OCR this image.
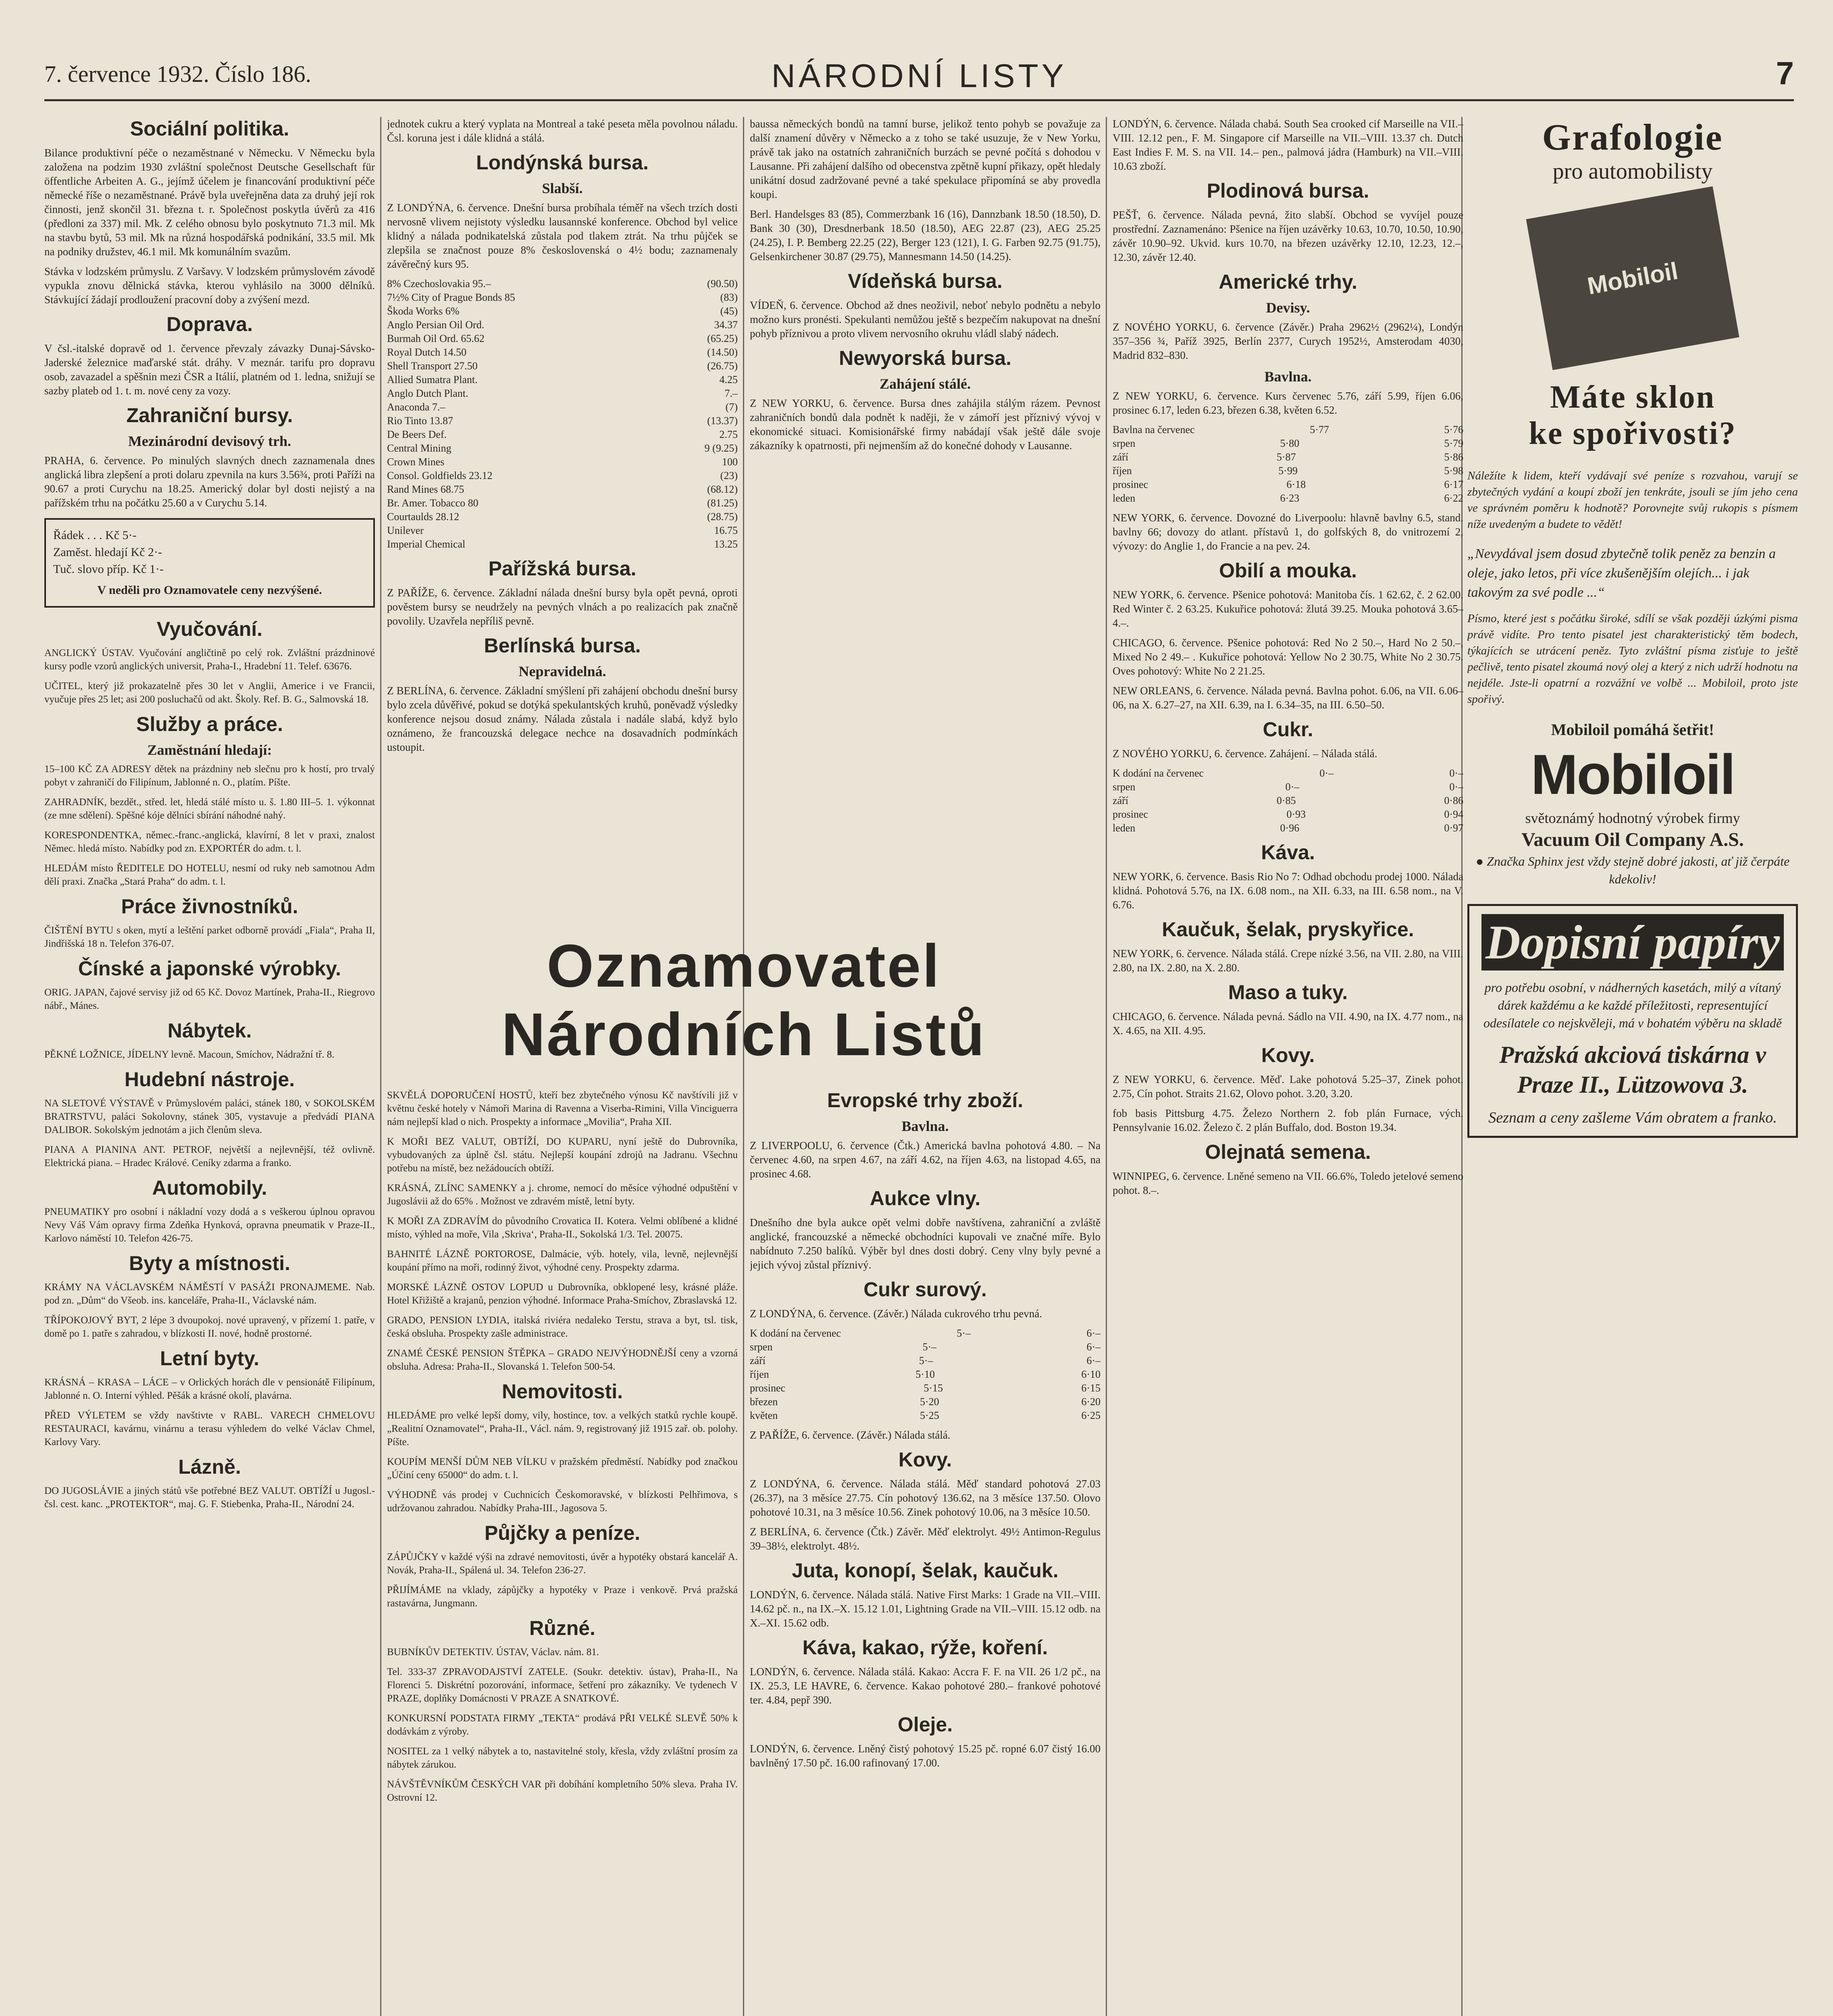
7. července 1932. Číslo 186.	NÁRODNÍ LISTY	7
Sociální politika.

Bilance produktivní péče o nezaměstnané v Německu. V Německu byla založena na podzim 1930 zvláštní společnost Deutsche Gesellschaft für öffentliche Arbeiten A. G., jejímž účelem je financování produktivní péče německé říše o nezaměstnané. Právě byla uveřejněna data za druhý její rok činnosti, jenž skončil 31. března t. r. Společnost poskytla úvěrů za 416 (předloni za 337) mil. Mk. Z celého obnosu bylo poskytnuto 71.3 mil. Mk na stavbu bytů, 53 mil. Mk na různá hospodářská podnikání, 33.5 mil. Mk na podniky družstev, 46.1 mil. Mk komunálním svazům.

Stávka v lodzském průmyslu. Z Varšavy. V lodzském průmyslovém závodě vypukla znovu dělnická stávka, kterou vyhlásilo na 3000 dělníků. Stávkující žádají prodloužení pracovní doby a zvýšení mezd.

Doprava.

V čsl.-italské dopravě od 1. července převzaly závazky Dunaj-Sávsko-Jaderské železnice maďarské stát. dráhy. V meznár. tarifu pro dopravu osob, zavazadel a spěšnin mezi ČSR a Itálií, platném od 1. ledna, snižují se sazby plateb od 1. t. m. nové ceny za vozy.

Zahraniční bursy.
Mezinárodní devisový trh.

PRAHA, 6. července. Po minulých slavných dnech zaznamenala dnes anglická libra zlepšení a proti dolaru zpevnila na kurs 3.56¾, proti Paříži na 90.67 a proti Curychu na 18.25. Americký dolar byl dosti nejistý a na pařížském trhu na počátku 25.60 a v Curychu 5.14.

Řádek . . . Kč 5·-
Zaměst. hledají Kč 2·-
Tuč. slovo příp. Kč 1·-
V neděli pro Oznamovatele ceny nezvýšené.
Vyučování.
ANGLICKÝ ÚSTAV. Vyučování angličtině po celý rok. Zvláštní prázdninové kursy podle vzorů anglických universit, Praha-I., Hradební 11. Telef. 63676.
UČITEL, který již prokazatelně přes 30 let v Anglii, Americe i ve Francii, vyučuje přes 25 let; asi 200 posluchačů od akt. Školy. Ref. B. G., Salmovská 18.
Služby a práce.
Zaměstnání hledají:
15–100 KČ ZA ADRESY dětek na prázdniny neb slečnu pro k hostí, pro trvalý pobyt v zahraničí do Filipínum, Jablonné n. O., platím. Píšte.
ZAHRADNÍK, bezdět., střed. let, hledá stálé místo u. š. 1.80 III–5. 1. výkonnat (ze mne sdělení). Spěšné kóje dělníci sbírání náhodné nahý.
KORESPONDENTKA, němec.-franc.-anglická, klavírní, 8 let v praxi, znalost Němec. hledá místo. Nabídky pod zn. EXPORTÉR do adm. t. l.
HLEDÁM místo ŘEDITELE DO HOTELU, nesmí od ruky neb samotnou Adm dělí praxi. Značka „Stará Praha“ do adm. t. l.
Práce živnostníků.
ČIŠTĚNÍ BYTU s oken, mytí a leštění parket odborně provádí „Fiala“, Praha II, Jindřišská 18 n. Telefon 376-07.
Čínské a japonské výrobky.
ORIG. JAPAN, čajové servisy již od 65 Kč. Dovoz Martínek, Praha-II., Riegrovo nábř., Mánes.
Nábytek.
PĚKNÉ LOŽNICE, JÍDELNY levně. Macoun, Smíchov, Nádražní tř. 8.
Hudební nástroje.
NA SLETOVÉ VÝSTAVĚ v Průmyslovém paláci, stánek 180, v SOKOLSKÉM BRATRSTVU, paláci Sokolovny, stánek 305, vystavuje a předvádí PIANA DALIBOR. Sokolským jednotám a jich členům sleva.
PIANA A PIANINA ANT. PETROF, největší a nejlevnější, též ovlivně. Elektrická piana. – Hradec Králové. Ceníky zdarma a franko.
Automobily.
PNEUMATIKY pro osobní i nákladní vozy dodá a s veškerou úplnou opravou Nevy Váš Vám opravy firma Zdeňka Hynková, opravna pneumatik v Praze-II., Karlovo náměstí 10. Telefon 426-75.
Byty a místnosti.
KRÁMY NA VÁCLAVSKÉM NÁMĚSTÍ V PASÁŽI PRONAJMEME. Nab. pod zn. „Dům“ do Všeob. ins. kanceláře, Praha-II., Václavské nám.
TŘÍPOKOJOVÝ BYT, 2 lépe 3 dvoupokoj. nové upravený, v přízemí 1. patře, v domě po 1. patře s zahradou, v blízkosti II. nové, hodně prostorné.
Letní byty.
KRÁSNÁ – KRASA – LÁCE – v Orlických horách dle v pensionátě Filipínum, Jablonné n. O. Interní výhled. Pěšák a krásné okolí, plavárna.
PŘED VÝLETEM se vždy navštivte v RABL. VARECH CHMELOVU RESTAURACI, kavárnu, vinárnu a terasu výhledem do velké Václav Chmel, Karlovy Vary.
Lázně.
DO JUGOSLÁVIE a jiných států vše potřebné BEZ VALUT. OBTÍŽÍ u Jugosl.-čsl. cest. kanc. „PROTEKTOR“, maj. G. F. Stiebenka, Praha-II., Národní 24.

jednotek cukru a který vyplata na Montreal a také peseta měla povolnou náladu. Čsl. koruna jest i dále klidná a stálá.

Londýnská bursa.
Slabší.

Z LONDÝNA, 6. července. Dnešní bursa probíhala téměř na všech trzích dosti nervosně vlivem nejistoty výsledku lausannské konference. Obchod byl velice klidný a nálada podnikatelská zůstala pod tlakem ztrát. Na trhu půjček se zlepšila se značnost pouze 8% československá o 4½ bodu; zaznamenaly závěrečný kurs 95.

8% Czechoslovakia 95.–	(90.50)
7½% City of Prague Bonds 85	(83)
Škoda Works 6%	(45)
Anglo Persian Oil Ord.	34.37
Burmah Oil Ord. 65.62	(65.25)
Royal Dutch 14.50	(14.50)
Shell Transport 27.50	(26.75)
Allied Sumatra Plant.	4.25
Anglo Dutch Plant.	7.–
Anaconda 7.–	(7)
Rio Tinto 13.87	(13.37)
De Beers Def.	2.75
Central Mining	9 (9.25)
Crown Mines	100
Consol. Goldfields 23.12	(23)
Rand Mines 68.75	(68.12)
Br. Amer. Tobacco 80	(81.25)
Courtaulds 28.12	(28.75)
Unilever	16.75
Imperial Chemical	13.25
Pařížská bursa.

Z PAŘÍŽE, 6. července. Základní nálada dnešní bursy byla opět pevná, oproti pověstem bursy se neudržely na pevných vlnách a po realizacích pak značně povolily. Uzavřela nepříliš pevně.

Berlínská bursa.
Nepravidelná.

Z BERLÍNA, 6. července. Základní smýšlení při zahájení obchodu dnešní bursy bylo zcela důvěřivé, pokud se dotýká spekulantských kruhů, poněvadž výsledky konference nejsou dosud známy. Nálada zůstala i nadále slabá, když bylo oznámeno, že francouzská delegace nechce na dosavadních podmínkách ustoupit.

baussa německých bondů na tamní burse, jelikož tento pohyb se považuje za další znamení důvěry v Německo a z toho se také usuzuje, že v New Yorku, právě tak jako na ostatních zahraničních burzách se pevné počítá s dohodou v Lausanne. Při zahájení dalšího od obecenstva zpětně kupní přikazy, opět hledaly unikátní dosud zadržované pevné a také spekulace připomíná se aby provedla koupi.

Berl. Handelsges 83 (85), Commerzbank 16 (16), Dannzbank 18.50 (18.50), D. Bank 30 (30), Dresdnerbank 18.50 (18.50), AEG 22.87 (23), AEG 25.25 (24.25), I. P. Bemberg 22.25 (22), Berger 123 (121), I. G. Farben 92.75 (91.75), Gelsenkirchener 30.87 (29.75), Mannesmann 14.50 (14.25).

Vídeňská bursa.

VÍDEŇ, 6. července. Obchod až dnes neoživil, neboť nebylo podnětu a nebylo možno kurs pronésti. Spekulanti nemůžou ještě s bezpečím nakupovat na dnešní pohyb příznivou a proto vlivem nervosního okruhu vládl slabý nádech.

Newyorská bursa.
Zahájení stálé.

Z NEW YORKU, 6. července. Bursa dnes zahájila stálým rázem. Pevnost zahraničních bondů dala podnět k naději, že v zámoří jest příznivý vývoj v ekonomické situaci. Komisionářské firmy nabádají však ještě dále svoje zákazníky k opatrnosti, při nejmenším až do konečné dohody v Lausanne.

Oznamovatel
Národních Listů
SKVĚLÁ DOPORUČENÍ HOSTŮ, kteří bez zbytečného výnosu Kč navštívili již v květnu české hotely v Námoři Marina di Ravenna a Viserba-Rimini, Villa Vinciguerra nám nejlepší klad o nich. Prospekty a informace „Movilia“, Praha XII.
K MOŘI BEZ VALUT, OBTÍŽÍ, DO KUPARU, nyní ještě do Dubrovníka, vybudovaných za úplně čsl. státu. Nejlepší koupání zdrojů na Jadranu. Všechnu potřebu na místě, bez nežádoucích obtíží.
KRÁSNÁ, ZLÍNC SAMENKY a j. chrome, nemocí do měsíce výhodné odpuštění v Jugoslávii až do 65% . Možnost ve zdravém místě, letní byty.
K MOŘI ZA ZDRAVÍM do původního Crovatica II. Kotera. Velmi oblíbené a klidné místo, výhled na moře, Vila ‚Skriva‘, Praha-II., Sokolská 1/3. Tel. 20075.
BAHNITÉ LÁZNĚ PORTOROSE, Dalmácie, výb. hotely, vila, levně, nejlevnější koupání přímo na moři, rodinný život, výhodné ceny. Prospekty zdarma.
MORSKÉ LÁZNĚ OSTOV LOPUD u Dubrovníka, obklopené lesy, krásné pláže. Hotel Křižiště a krajanů, penzion výhodné. Informace Praha-Smíchov, Zbraslavská 12.
GRADO, PENSION LYDIA, italská riviéra nedaleko Terstu, strava a byt, tsl. tisk, česká obsluha. Prospekty zašle administrace.
ZNAMÉ ČESKÉ PENSION ŠTĚPKA – GRADO NEJVÝHODNĚJŠÍ ceny a vzorná obsluha. Adresa: Praha-II., Slovanská 1. Telefon 500-54.
Nemovitosti.
HLEDÁME pro velké lepší domy, vily, hostince, tov. a velkých statků rychle koupě. „Realitní Oznamovatel“, Praha-II., Václ. nám. 9, registrovaný již 1915 zař. ob. polohy. Píšte.
KOUPÍM MENŠÍ DŮM NEB VÍLKU v pražském předměstí. Nabídky pod značkou „Účiní ceny 65000“ do adm. t. l.
VÝHODNĚ vás prodej v Cuchnicích Českomoravské, v blízkosti Pelhřimova, s udržovanou zahradou. Nabídky Praha-III., Jagosova 5.
Půjčky a peníze.
ZÁPŮJČKY v každé výši na zdravé nemovitosti, úvěr a hypotéky obstará kancelář A. Novák, Praha-II., Spálená ul. 34. Telefon 236-27.
PŘIJÍMÁME na vklady, zápůjčky a hypotéky v Praze i venkově. Prvá pražská rastavárna, Jungmann.
Různé.
BUBNÍKŮV DETEKTIV. ÚSTAV, Václav. nám. 81.
Tel. 333-37 ZPRAVODAJSTVÍ ZATELE. (Soukr. detektiv. ústav), Praha-II., Na Florenci 5. Diskrétní pozorování, informace, šetření pro zákazníky. Ve tydenech V PRAZE, doplňky Domácnosti V PRAZE A SNATKOVÉ.
KONKURSNÍ PODSTATA FIRMY „TEKTA“ prodává PŘI VELKÉ SLEVĚ 50% k dodávkám z výroby.
NOSITEL za 1 velký nábytek a to, nastavitelné stoly, křesla, vždy zvláštní prosím za nábytek zárukou.
NÁVŠTĚVNÍKŮM ČESKÝCH VAR při dobíhání kompletního 50% sleva. Praha IV. Ostrovní 12.
Evropské trhy zboží.
Bavlna.

Z LIVERPOOLU, 6. července (Čtk.) Americká bavlna pohotová 4.80. – Na červenec 4.60, na srpen 4.67, na září 4.62, na říjen 4.63, na listopad 4.65, na prosinec 4.68.

Aukce vlny.

Dnešního dne byla aukce opět velmi dobře navštívena, zahraniční a zvláště anglické, francouzské a německé obchodníci kupovali ve značné míře. Bylo nabídnuto 7.250 balíků. Výběr byl dnes dosti dobrý. Ceny vlny byly pevné a jejich vývoj zůstal příznivý.

Cukr surový.

Z LONDÝNA, 6. července. (Závěr.) Nálada cukrového trhu pevná.

K dodání na červenec	5·–	6·–
srpen	5·–	6·–
září	5·–	6·–
říjen	5·10	6·10
prosinec	5·15	6·15
březen	5·20	6·20
květen	5·25	6·25

Z PAŘÍŽE, 6. července. (Závěr.) Nálada stálá.

Kovy.

Z LONDÝNA, 6. července. Nálada stálá. Měď standard pohotová 27.03 (26.37), na 3 měsíce 27.75. Cín pohotový 136.62, na 3 měsíce 137.50. Olovo pohotové 10.31, na 3 měsíce 10.56. Zinek pohotový 10.06, na 3 měsíce 10.50.

Z BERLÍNA, 6. července (Čtk.) Závěr. Měď elektrolyt. 49½ Antimon-Regulus 39–38½, elektrolyt. 48½.

Juta, konopí, šelak, kaučuk.

LONDÝN, 6. července. Nálada stálá. Native First Marks: 1 Grade na VII.–VIII. 14.62 pč. n., na IX.–X. 15.12 1.01, Lightning Grade na VII.–VIII. 15.12 odb. na X.–XI. 15.62 odb.

Káva, kakao, rýže, koření.

LONDÝN, 6. července. Nálada stálá. Kakao: Accra F. F. na VII. 26 1/2 pč., na IX. 25.3, LE HAVRE, 6. července. Kakao pohotové 280.– frankové pohotové ter. 4.84, pepř 390.

Oleje.

LONDÝN, 6. července. Lněný čistý pohotový 15.25 pč. ropné 6.07 čistý 16.00 bavlněný 17.50 pč. 16.00 rafinovaný 17.00.

LONDÝN, 6. července. Nálada chabá. South Sea crooked cif Marseille na VII.–VIII. 12.12 pen., F. M. Singapore cif Marseille na VII.–VIII. 13.37 ch. Dutch East Indies F. M. S. na VII. 14.– pen., palmová jádra (Hamburk) na VII.–VIII. 10.63 zboží.

Plodinová bursa.

PEŠŤ, 6. července. Nálada pevná, žito slabší. Obchod se vyvíjel pouze prostřední. Zaznamenáno: Pšenice na říjen uzávěrky 10.63, 10.70, 10.50, 10.90, závěr 10.90–92. Ukvid. kurs 10.70, na březen uzávěrky 12.10, 12.23, 12.–, 12.30, závěr 12.40.

Americké trhy.
Devisy.

Z NOVÉHO YORKU, 6. července (Závěr.) Praha 2962½ (2962¼), Londýn 357–356 ¾, Paříž 3925, Berlín 2377, Curych 1952½, Amsterodam 4030, Madrid 832–830.

Bavlna.

Z NEW YORKU, 6. července. Kurs červenec 5.76, září 5.99, říjen 6.06, prosinec 6.17, leden 6.23, březen 6.38, květen 6.52.

Bavlna na červenec	5·77	5·76
srpen	5·80	5·79
září	5·87	5·86
říjen	5·99	5·98
prosinec	6·18	6·17
leden	6·23	6·22

NEW YORK, 6. července. Dovozné do Liverpoolu: hlavně bavlny 6.5, stand. bavlny 66; dovozy do atlant. přístavů 1, do golfských 8, do vnitrozemí 2, vývozy: do Anglie 1, do Francie a na pev. 24.

Obilí a mouka.

NEW YORK, 6. července. Pšenice pohotová: Manitoba čís. 1 62.62, č. 2 62.00. Red Winter č. 2 63.25. Kukuřice pohotová: žlutá 39.25. Mouka pohotová 3.65–4.–.

CHICAGO, 6. července. Pšenice pohotová: Red No 2 50.–, Hard No 2 50.–, Mixed No 2 49.– . Kukuřice pohotová: Yellow No 2 30.75, White No 2 30.75. Oves pohotový: White No 2 21.25.

NEW ORLEANS, 6. července. Nálada pevná. Bavlna pohot. 6.06, na VII. 6.06–06, na X. 6.27–27, na XII. 6.39, na I. 6.34–35, na III. 6.50–50.

Cukr.

Z NOVÉHO YORKU, 6. července. Zahájení. – Nálada stálá.

K dodání na červenec	0·–	0·–
srpen	0·–	0·–
září	0·85	0·86
prosinec	0·93	0·94
leden	0·96	0·97
Káva.

NEW YORK, 6. července. Basis Rio No 7: Odhad obchodu prodej 1000. Nálada klidná. Pohotová 5.76, na IX. 6.08 nom., na XII. 6.33, na III. 6.58 nom., na V. 6.76.

Kaučuk, šelak, pryskyřice.

NEW YORK, 6. července. Nálada stálá. Crepe nízké 3.56, na VII. 2.80, na VIII. 2.80, na IX. 2.80, na X. 2.80.

Maso a tuky.

CHICAGO, 6. července. Nálada pevná. Sádlo na VII. 4.90, na IX. 4.77 nom., na X. 4.65, na XII. 4.95.

Kovy.

Z NEW YORKU, 6. července. Měď. Lake pohotová 5.25–37, Zinek pohot. 2.75, Cín pohot. Straits 21.62, Olovo pohot. 3.20, 3.20.

fob basis Pittsburg 4.75. Železo Northern 2. fob plán Furnace, vých. Pennsylvanie 16.02. Železo č. 2 plán Buffalo, dod. Boston 19.34.

Olejnatá semena.

WINNIPEG, 6. července. Lněné semeno na VII. 66.6%, Toledo jetelové semeno pohot. 8.–.

Grafologie
pro automobilisty
Mobiloil
Máte sklon
ke spořivosti?

Náležíte k lidem, kteří vydávají své peníze s rozvahou, varují se zbytečných vydání a koupí zboží jen tenkráte, jsouli se jím jeho cena ve správném poměru k hodnotě? Porovnejte svůj rukopis s písmem níže uvedeným a budete to vědět!

„Nevydával jsem dosud zbytečně tolik peněz za benzin a oleje, jako letos, při více zkušenějším olejích... i jak takovým za své podle ...“

Písmo, které jest s počátku široké, sdílí se však později úzkými pisma právě vidíte. Pro tento pisatel jest charakteristický těm bodech, týkajících se utrácení peněz. Tyto zvláštní písma zisťuje to ještě pečlivě, tento pisatel zkoumá nový olej a který z nich udrží hodnotu na nejdéle. Jste-li opatrní a rozvážní ve volbě ... Mobiloil, proto jste spořivý.

Mobiloil pomáhá šetřit!
Mobiloil
světoznámý hodnotný výrobek firmy
Vacuum Oil Company A.S.
● Značka Sphinx jest vždy stejně dobré jakosti, ať již čerpáte kdekoliv!
Dopisní papíry
pro potřebu osobní, v nádherných kasetách, milý a vítaný dárek každému a ke každé příležitosti, representující odesílatele co nejskvěleji, má v bohatém výběru na skladě
Pražská akciová tiskárna v Praze II., Lützowova 3.
Seznam a ceny zašleme Vám obratem a franko.
